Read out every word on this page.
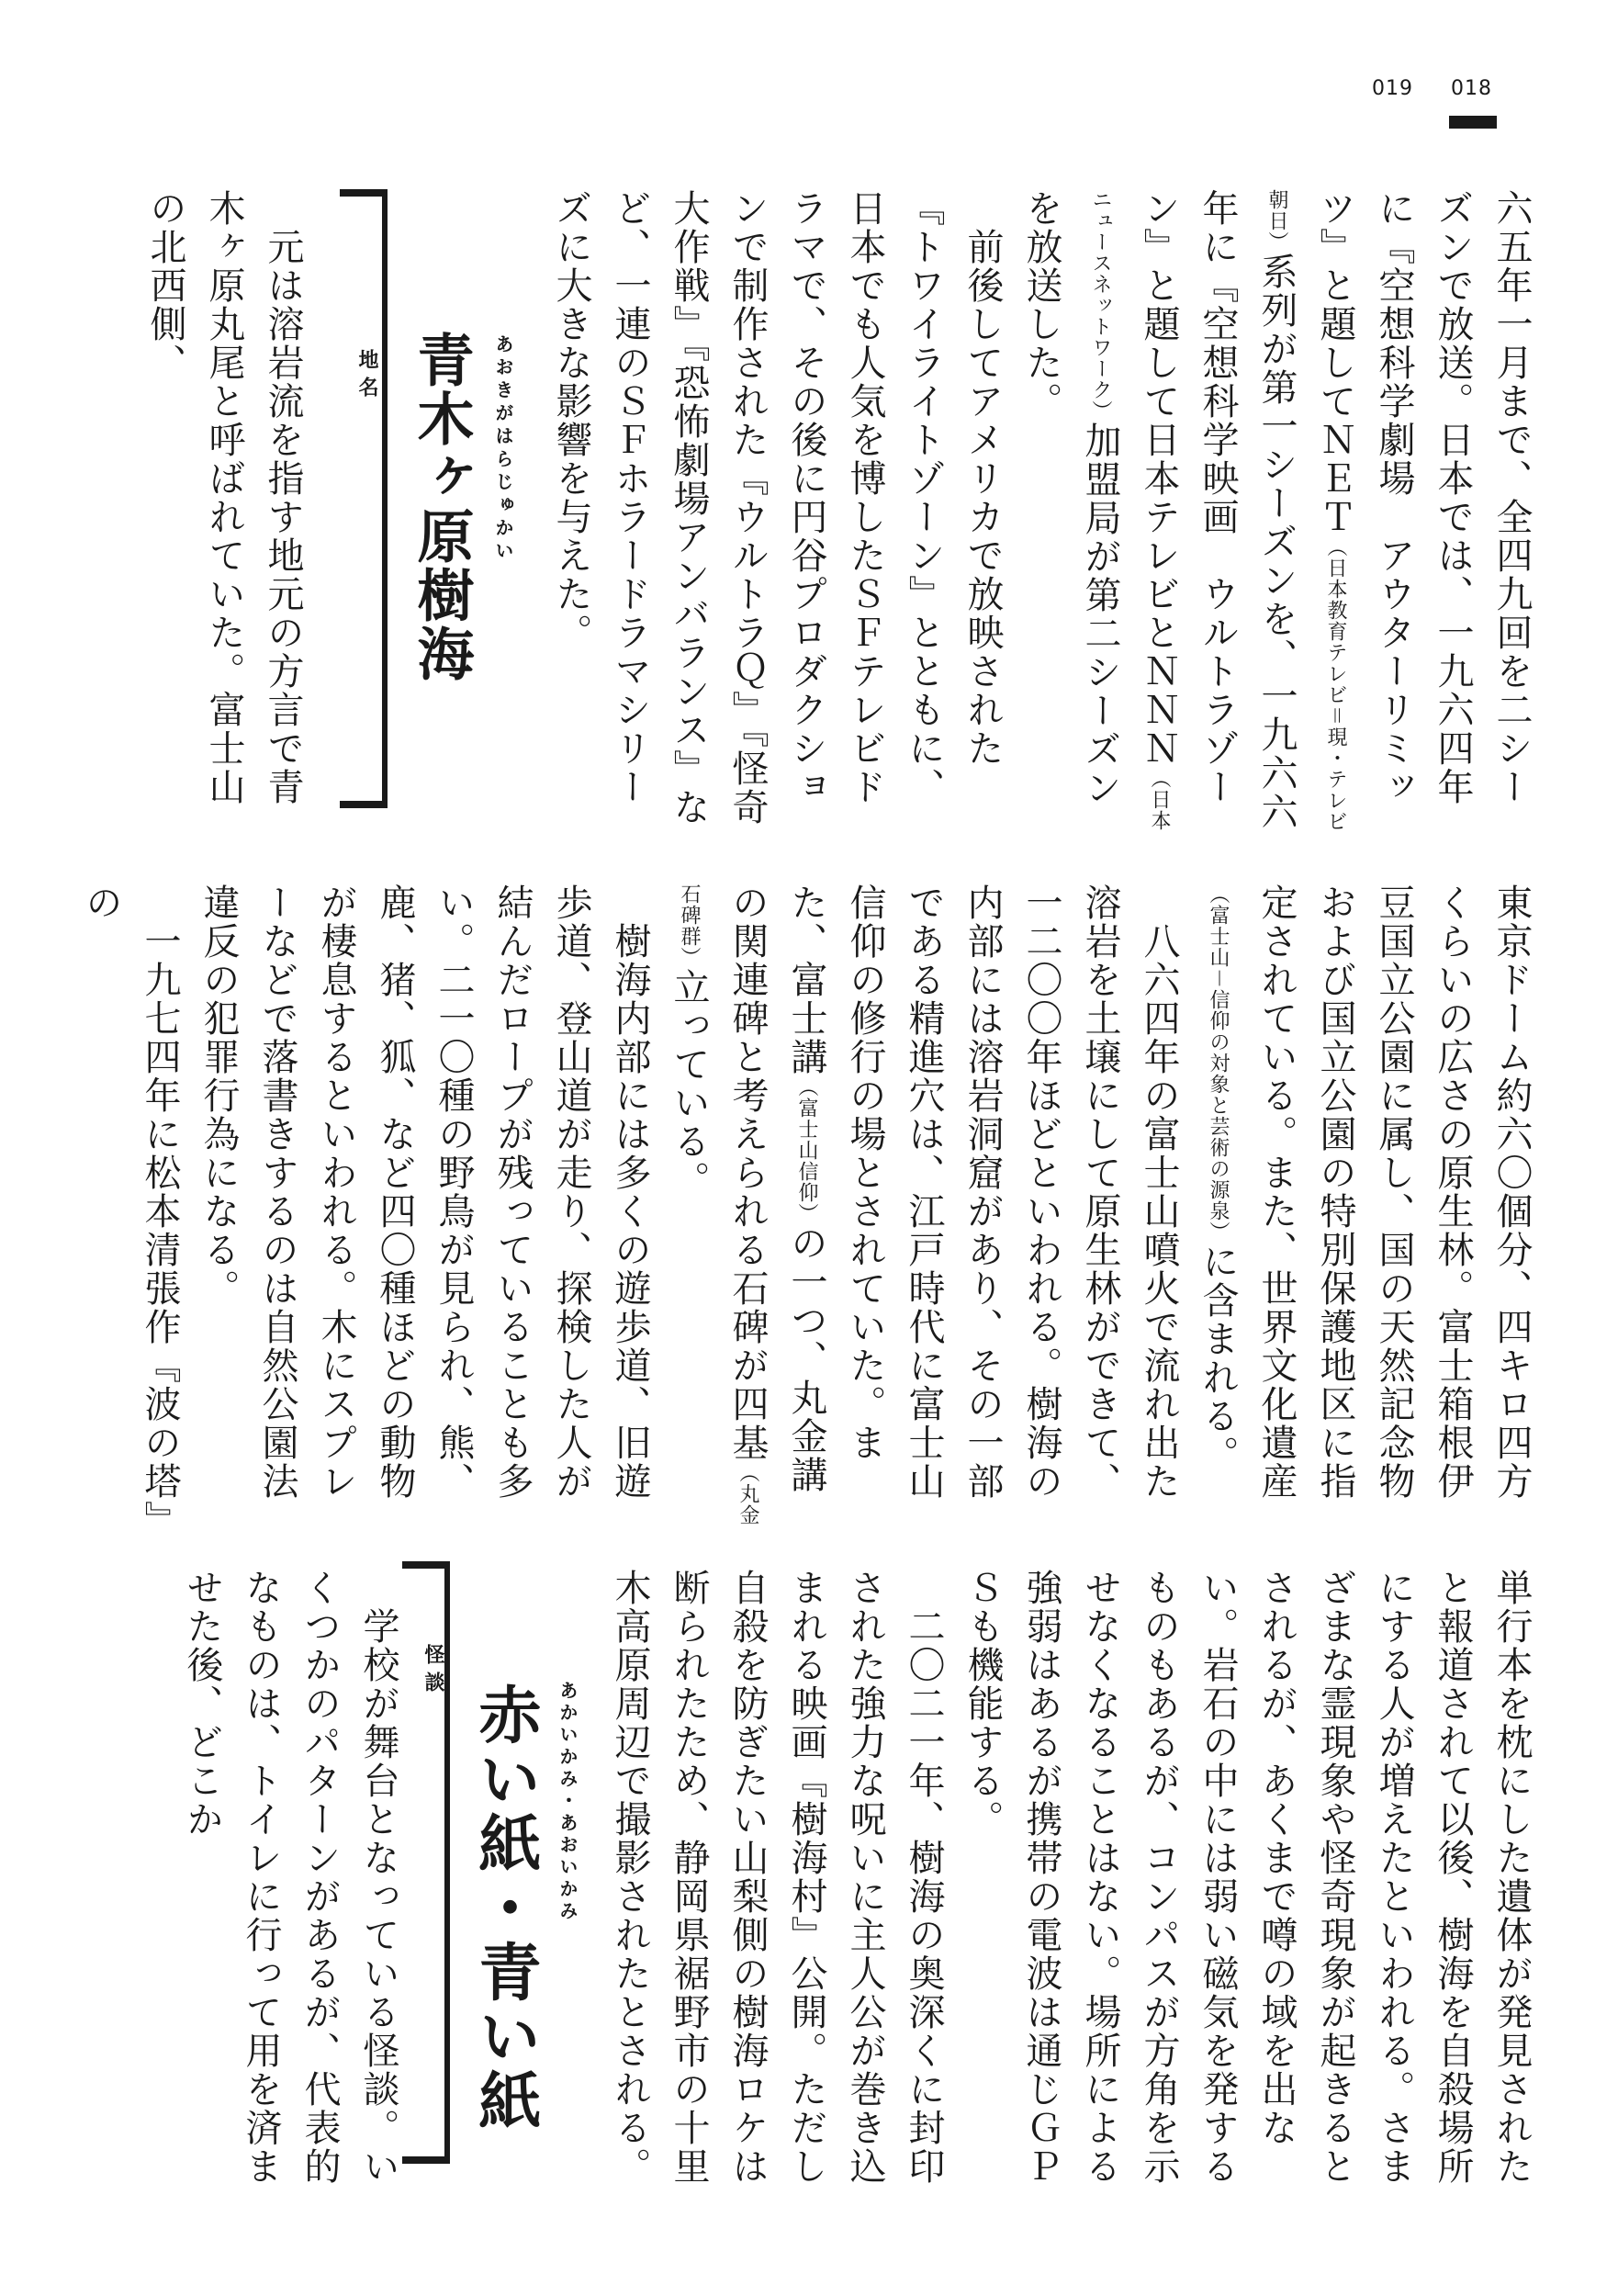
019 018

六五年一月まで、全四九回を二シーズンで放送。日本では、一九六四年に『空想科学劇場　アウターリミッツ』と題してＮＥＴ（日本教育テレビ＝現・テレビ朝日）系列が第一シーズンを、一九六六年に『空想科学映画　ウルトラゾーン』と題して日本テレビとＮＮＮ（日本ニュースネットワーク）加盟局が第二シーズンを放送した。

　前後してアメリカで放映された『トワイライトゾーン』とともに、日本でも人気を博したＳＦテレビドラマで、その後に円谷プロダクションで制作された『ウルトラＱ』『怪奇大作戦』『恐怖劇場アンバランス』など、一連のＳＦホラードラマシリーズに大きな影響を与えた。

地名 青木ヶ原樹海 あおきがはらじゅかい

　元は溶岩流を指す地元の方言で青木ヶ原丸尾と呼ばれていた。富士山の北西側、

東京ドーム約六〇個分、四キロ四方くらいの広さの原生林。富士箱根伊豆国立公園に属し、国の天然記念物および国立公園の特別保護地区に指定されている。また、世界文化遺産（富士山－信仰の対象と芸術の源泉）に含まれる。

　八六四年の富士山噴火で流れ出た溶岩を土壌にして原生林ができて、一二〇〇年ほどといわれる。樹海の内部には溶岩洞窟があり、その一部である精進穴は、江戸時代に富士山信仰の修行の場とされていた。また、富士講（富士山信仰）の一つ、丸金講の関連碑と考えられる石碑が四基（丸金石碑群）立っている。

　樹海内部には多くの遊歩道、旧遊歩道、登山道が走り、探検した人が結んだロープが残っていることも多い。二一〇種の野鳥が見られ、熊、鹿、猪、狐、など四〇種ほどの動物が棲息するといわれる。木にスプレーなどで落書きするのは自然公園法違反の犯罪行為になる。

　一九七四年に松本清張作『波の塔』の

単行本を枕にした遺体が発見されたと報道されて以後、樹海を自殺場所にする人が増えたといわれる。さまざまな霊現象や怪奇現象が起きるとされるが、あくまで噂の域を出ない。岩石の中には弱い磁気を発するものもあるが、コンパスが方角を示せなくなることはない。場所による強弱はあるが携帯の電波は通じＧＰＳも機能する。

　二〇二一年、樹海の奥深くに封印された強力な呪いに主人公が巻き込まれる映画『樹海村』公開。ただし自殺を防ぎたい山梨側の樹海ロケは断られたため、静岡県裾野市の十里木高原周辺で撮影されたとされる。

怪談
赤い紙・青い紙 あかいかみ・あおいかみ

　学校が舞台となっている怪談。いくつかのパターンがあるが、代表的なものは、トイレに行って用を済ませた後、どこか
